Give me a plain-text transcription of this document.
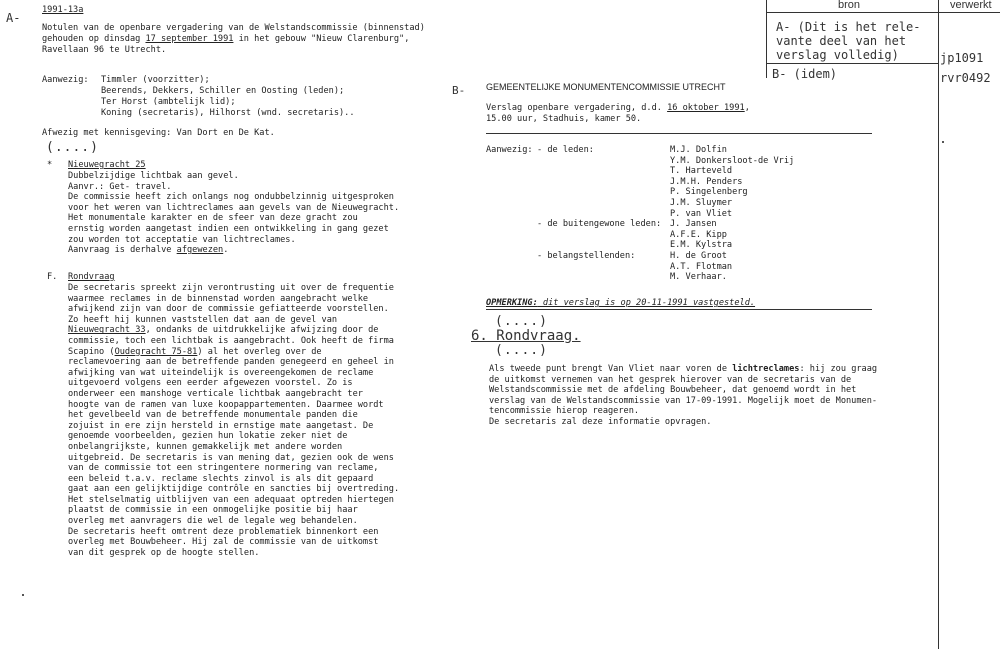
1991-13a
A-
Notulen van de openbare vergadering van de Welstandscommissie (binnenstad)
gehouden op dinsdag 17 september 1991 in het gebouw "Nieuw Clarenburg",
Ravellaan 96 te Utrecht.
Aanwezig: Timmler (voorzitter);
Beerends, Dekkers, Schiller en Oosting (leden);
Ter Horst (ambtelijk lid);
Koning (secretaris), Hilhorst (wnd. secretaris)..
Afwezig met kennisgeving: Van Dort en De Kat.
(....)
* Nieuwegracht 25
Dubbelzijdige lichtbak aan gevel.
Aanvr.: Get- travel.
De commissie heeft zich onlangs nog ondubbelzinnig uitgesproken
voor het weren van lichtreclames aan gevels van de Nieuwegracht.
Het monumentale karakter en de sfeer van deze gracht zou
ernstig worden aangetast indien een ontwikkeling in gang gezet
zou worden tot acceptatie van lichtreclames.
Aanvraag is derhalve afgewezen.
F. Rondvraag
De secretaris spreekt zijn verontrusting uit over de frequentie
waarmee reclames in de binnenstad worden aangebracht welke
afwijkend zijn van door de commissie gefiatteerde voorstellen.
Zo heeft hij kunnen vaststellen dat aan de gevel van
Nieuwegracht 33, ondanks de uitdrukkelijke afwijzing door de
commissie, toch een lichtbak is aangebracht. Ook heeft de firma
Scapino (Oudegracht 75-81) al het overleg over de
reclamevoering aan de betreffende panden genegeerd en geheel in
afwijking van wat uiteindelijk is overeengekomen de reclame
uitgevoerd volgens een eerder afgewezen voorstel. Zo is
onderweer een manshoge verticale lichtbak aangebracht ter
hoogte van de ramen van luxe koopappartementen. Daarmee wordt
het gevelbeeld van de betreffende monumentale panden die
zojuist in ere zijn hersteld in ernstige mate aangetast. De
genoemde voorbeelden, gezien hun lokatie zeker niet de
onbelangrijkste, kunnen gemakkelijk met andere worden
uitgebreid. De secretaris is van mening dat, gezien ook de wens
van de commissie tot een stringentere normering van reclame,
een beleid t.a.v. reclame slechts zinvol is als dit gepaard
gaat aan een gelijktijdige contrôle en sancties bij overtreding.
Het stelselmatig uitblijven van een adequaat optreden hiertegen
plaatst de commissie in een onmogelijke positie bij haar
overleg met aanvragers die wel de legale weg behandelen.
De secretaris heeft omtrent deze problematiek binnenkort een
overleg met Bouwbeheer. Hij zal de commissie van de uitkomst
van dit gesprek op de hoogte stellen.
B- GEMEENTELIJKE MONUMENTENCOMMISSIE UTRECHT
Verslag openbare vergadering, d.d. 16 oktober 1991,
15.00 uur, Stadhuis, kamer 50.
Aanwezig: - de leden:	M.J. Dolfin
Y.M. Donkersloot-de Vrij
T. Harteveld
J.M.H. Penders
P. Singelenberg
J.M. Sluymer
P. van Vliet
J. Jansen
A.F.E. Kipp
E.M. Kylstra
H. de Groot
A.T. Flotman
M. Verhaar.
- de buitengewone leden:
- belangstellenden:
OPMERKING: dit verslag is op 20-11-1991 vastgesteld.
(....)
6. Rondvraag.
(....)
Als tweede punt brengt Van Vliet naar voren de lichtreclames: hij zou graag
de uitkomst vernemen van het gesprek hierover van de secretaris van de
Welstandscommissie met de afdeling Bouwbeheer, dat genoemd wordt in het
verslag van de Welstandscommissie van 17-09-1991. Mogelijk moet de Monumen-
tencommissie hierop reageren.
De secretaris zal deze informatie opvragen.
bron	verwerkt
A- (Dit is het rele-
vante deel van het
verslag volledig)
B- (idem)
jp1091
rvr0492
